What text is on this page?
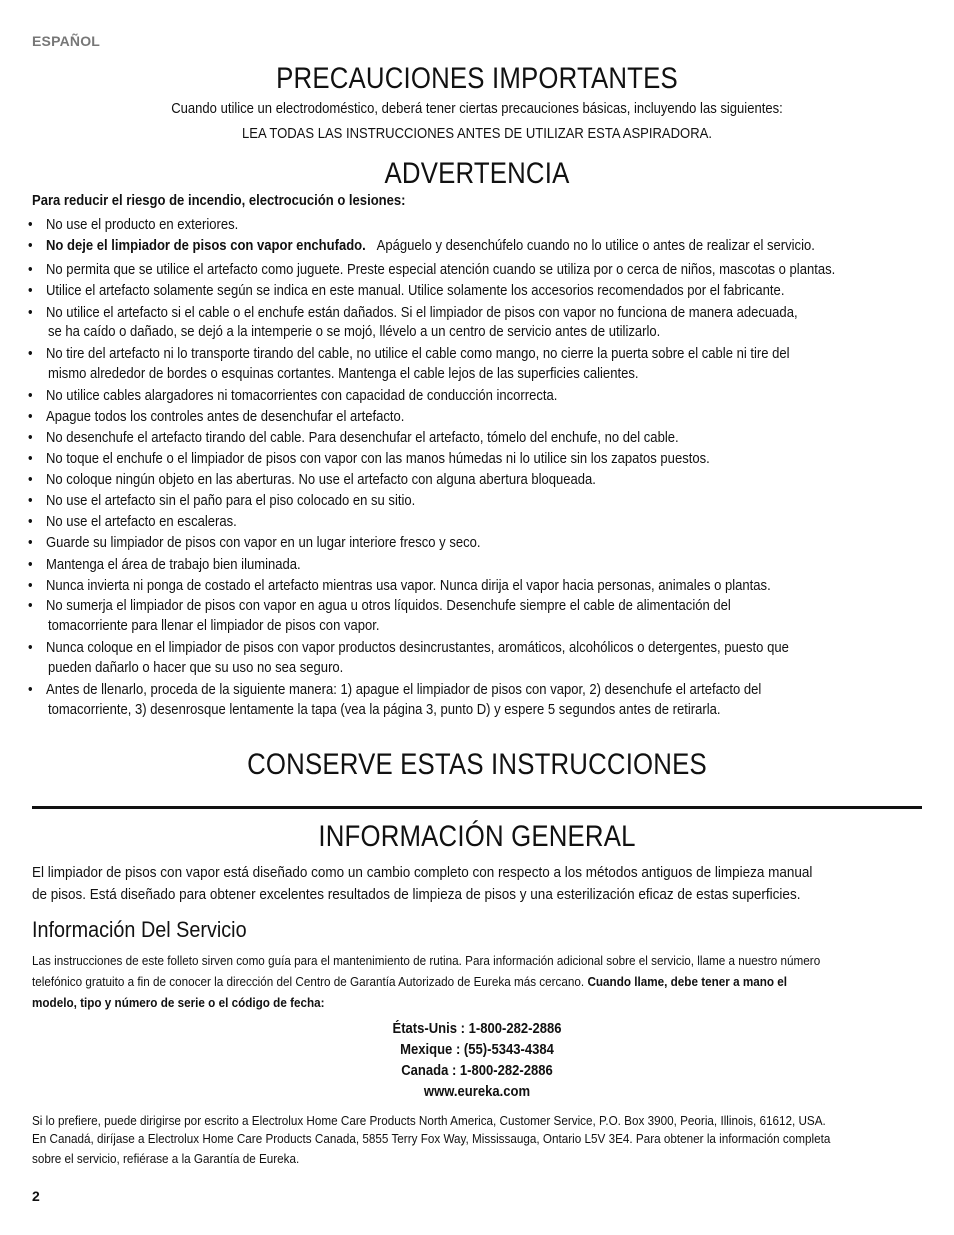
ESPAÑOL
PRECAUCIONES IMPORTANTES
Cuando utilice un electrodoméstico, deberá tener ciertas precauciones básicas, incluyendo las siguientes:
LEA TODAS LAS INSTRUCCIONES ANTES DE UTILIZAR ESTA ASPIRADORA.
ADVERTENCIA
Para reducir el riesgo de incendio, electrocución o lesiones:
• No use el producto en exteriores.
• No deje el limpiador de pisos con vapor enchufado. Apáguelo y desenchúfelo cuando no lo utilice o antes de realizar el servicio.
• No permita que se utilice el artefacto como juguete. Preste especial atención cuando se utiliza por o cerca de niños, mascotas o plantas.
• Utilice el artefacto solamente según se indica en este manual. Utilice solamente los accesorios recomendados por el fabricante.
• No utilice el artefacto si el cable o el enchufe están dañados. Si el limpiador de pisos con vapor no funciona de manera adecuada,
se ha caído o dañado, se dejó a la intemperie o se mojó, llévelo a un centro de servicio antes de utilizarlo.
• No tire del artefacto ni lo transporte tirando del cable, no utilice el cable como mango, no cierre la puerta sobre el cable ni tire del
mismo alrededor de bordes o esquinas cortantes. Mantenga el cable lejos de las superficies calientes.
• No utilice cables alargadores ni tomacorrientes con capacidad de conducción incorrecta.
• Apague todos los controles antes de desenchufar el artefacto.
• No desenchufe el artefacto tirando del cable. Para desenchufar el artefacto, tómelo del enchufe, no del cable.
• No toque el enchufe o el limpiador de pisos con vapor con las manos húmedas ni lo utilice sin los zapatos puestos.
• No coloque ningún objeto en las aberturas. No use el artefacto con alguna abertura bloqueada.
• No use el artefacto sin el paño para el piso colocado en su sitio.
• No use el artefacto en escaleras.
• Guarde su limpiador de pisos con vapor en un lugar interiore fresco y seco.
• Mantenga el área de trabajo bien iluminada.
• Nunca invierta ni ponga de costado el artefacto mientras usa vapor. Nunca dirija el vapor hacia personas, animales o plantas.
• No sumerja el limpiador de pisos con vapor en agua u otros líquidos. Desenchufe siempre el cable de alimentación del
tomacorriente para llenar el limpiador de pisos con vapor.
• Nunca coloque en el limpiador de pisos con vapor productos desincrustantes, aromáticos, alcohólicos o detergentes, puesto que
pueden dañarlo o hacer que su uso no sea seguro.
• Antes de llenarlo, proceda de la siguiente manera: 1) apague el limpiador de pisos con vapor, 2) desenchufe el artefacto del
tomacorriente, 3) desenrosque lentamente la tapa (vea la página 3, punto D) y espere 5 segundos antes de retirarla.
CONSERVE ESTAS INSTRUCCIONES
INFORMACIÓN GENERAL
El limpiador de pisos con vapor está diseñado como un cambio completo con respecto a los métodos antiguos de limpieza manual
de pisos. Está diseñado para obtener excelentes resultados de limpieza de pisos y una esterilización eficaz de estas superficies.
Información Del Servicio
Las instrucciones de este folleto sirven como guía para el mantenimiento de rutina. Para información adicional sobre el servicio, llame a nuestro número
telefónico gratuito a fin de conocer la dirección del Centro de Garantía Autorizado de Eureka más cercano. Cuando llame, debe tener a mano el
modelo, tipo y número de serie o el código de fecha:
États-Unis : 1-800-282-2886
Mexique : (55)-5343-4384
Canada : 1-800-282-2886
www.eureka.com
Si lo prefiere, puede dirigirse por escrito a Electrolux Home Care Products North America, Customer Service, P.O. Box 3900, Peoria, Illinois, 61612, USA.
En Canadá, diríjase a Electrolux Home Care Products Canada, 5855 Terry Fox Way, Mississauga, Ontario L5V 3E4. Para obtener la información completa
sobre el servicio, refiérase a la Garantía de Eureka.
2
